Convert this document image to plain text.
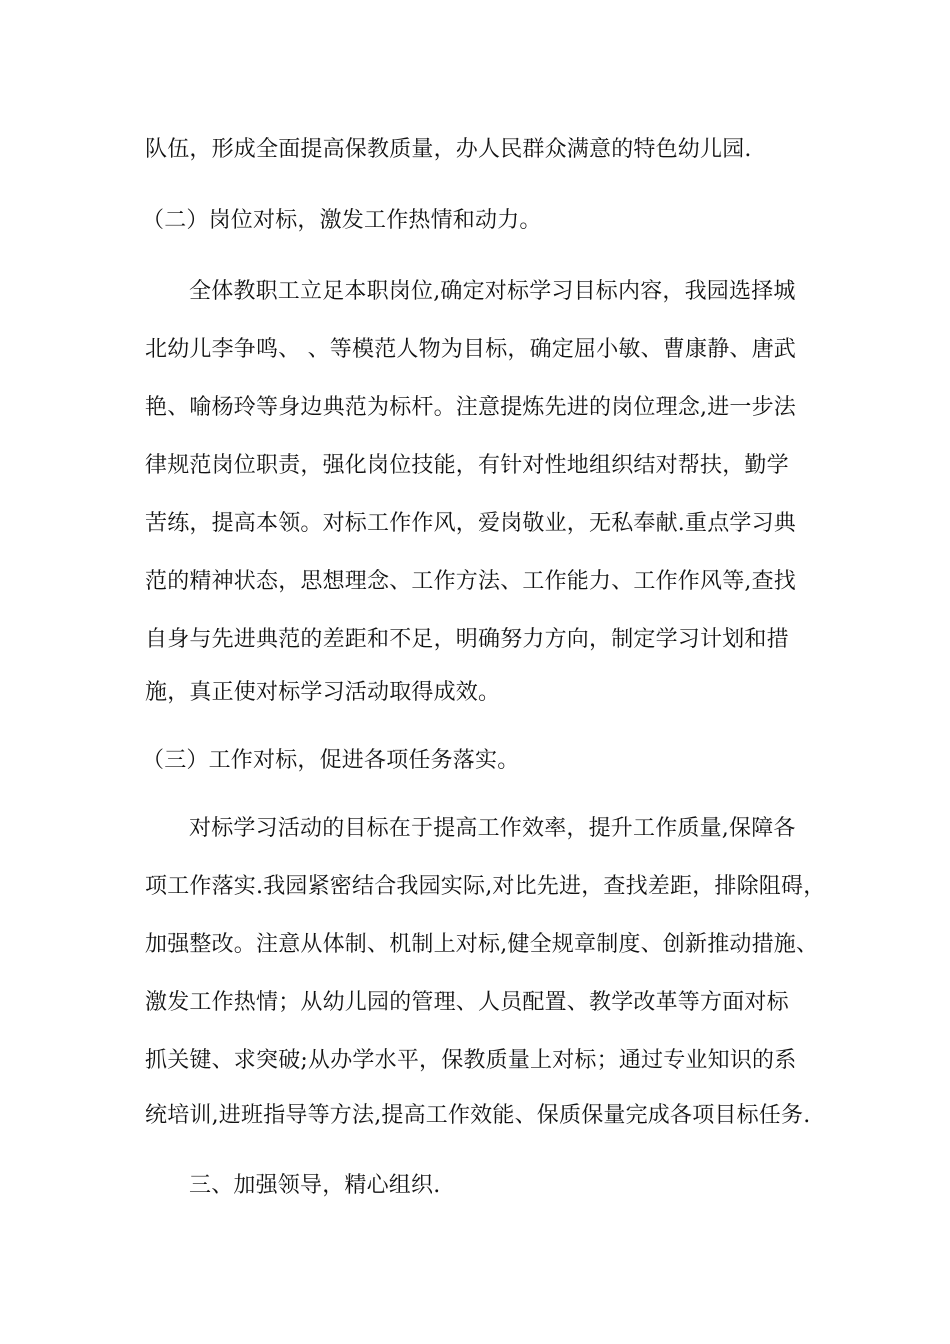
队伍，形成全面提高保教质量，办人民群众满意的特色幼儿园.
（二）岗位对标，激发工作热情和动力。
全体教职工立足本职岗位,确定对标学习目标内容，我园选择城
北幼儿李争鸣、 、等模范人物为目标，确定屈小敏、曹康静、唐武
艳、喻杨玲等身边典范为标杆。注意提炼先进的岗位理念,进一步法
律规范岗位职责，强化岗位技能，有针对性地组织结对帮扶，勤学
苦练，提高本领。对标工作作风，爱岗敬业，无私奉献.重点学习典
范的精神状态，思想理念、工作方法、工作能力、工作作风等,查找
自身与先进典范的差距和不足，明确努力方向，制定学习计划和措
施，真正使对标学习活动取得成效。
（三）工作对标，促进各项任务落实。
对标学习活动的目标在于提高工作效率，提升工作质量,保障各
项工作落实.我园紧密结合我园实际,对比先进，查找差距，排除阻碍，
加强整改。注意从体制、机制上对标,健全规章制度、创新推动措施、
激发工作热情；从幼儿园的管理、人员配置、教学改革等方面对标
抓关键、求突破;从办学水平，保教质量上对标；通过专业知识的系
统培训,进班指导等方法,提高工作效能、保质保量完成各项目标任务.
三、加强领导，精心组织.
